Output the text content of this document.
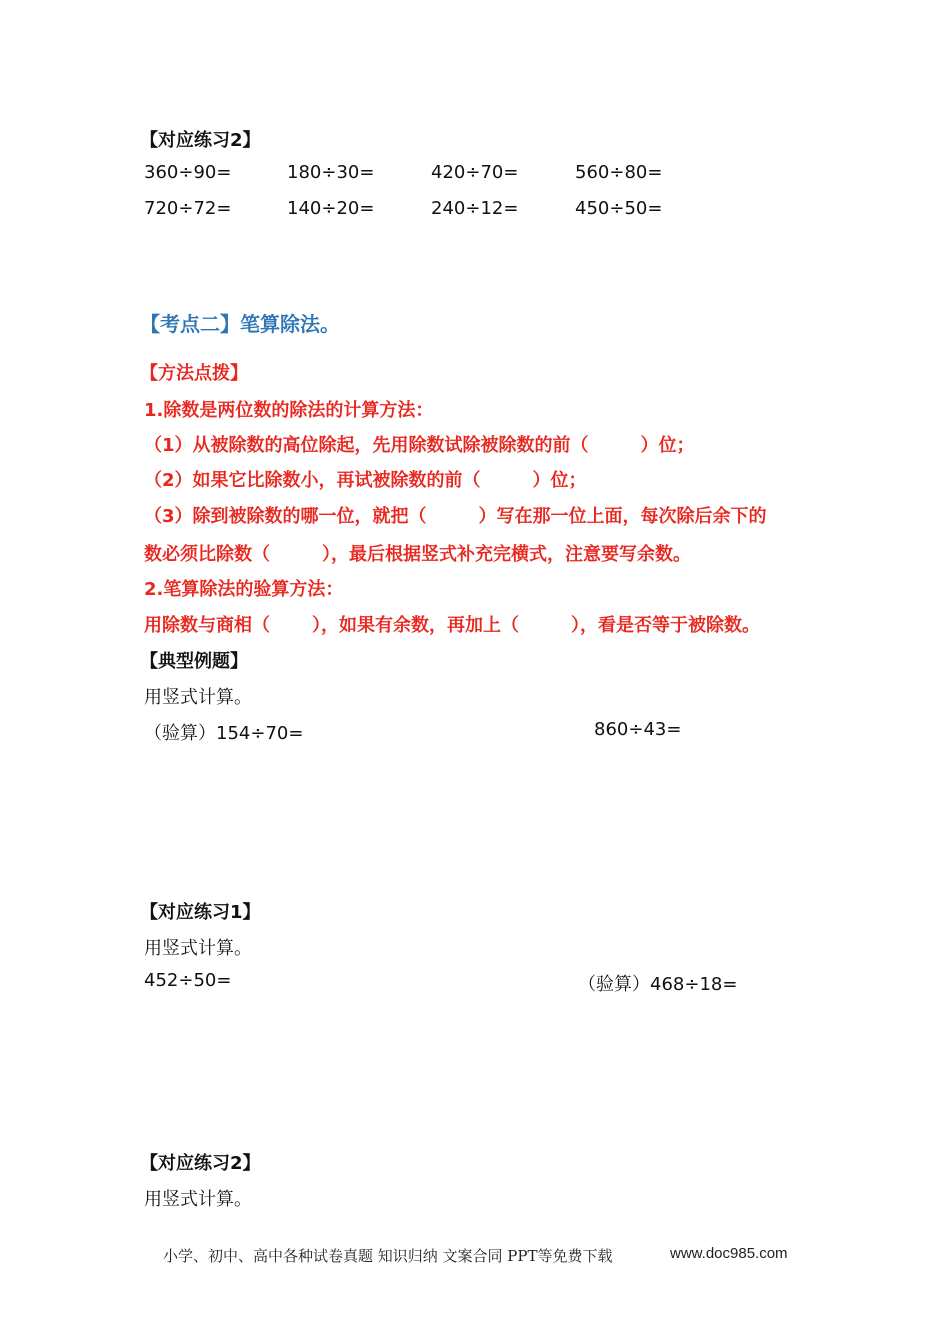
【对应练习2】
360÷90=	180÷30=	420÷70=	560÷80=
720÷72=	140÷20=	240÷12=	450÷50=
【考点二】笔算除法。
【方法点拨】
1.除数是两位数的除法的计算方法：
（1）从被除数的高位除起，先用除数试除被除数的前（	）位；
（2）如果它比除数小，再试被除数的前（	）位；
（3）除到被除数的哪一位，就把（	）写在那一位上面，每次除后余下的
数必须比除数（	），最后根据竖式补充完横式，注意要写余数。
2.笔算除法的验算方法：
用除数与商相（ ），如果有余数，再加上（	），看是否等于被除数。
【典型例题】
用竖式计算。
（验算）154÷70=	860÷43=
【对应练习1】
用竖式计算。
452÷50=	（验算）468÷18=
【对应练习2】
用竖式计算。
小学、初中、高中各种试卷真题 知识归纳 文案合同 PPT等免费下载	www.doc985.com
